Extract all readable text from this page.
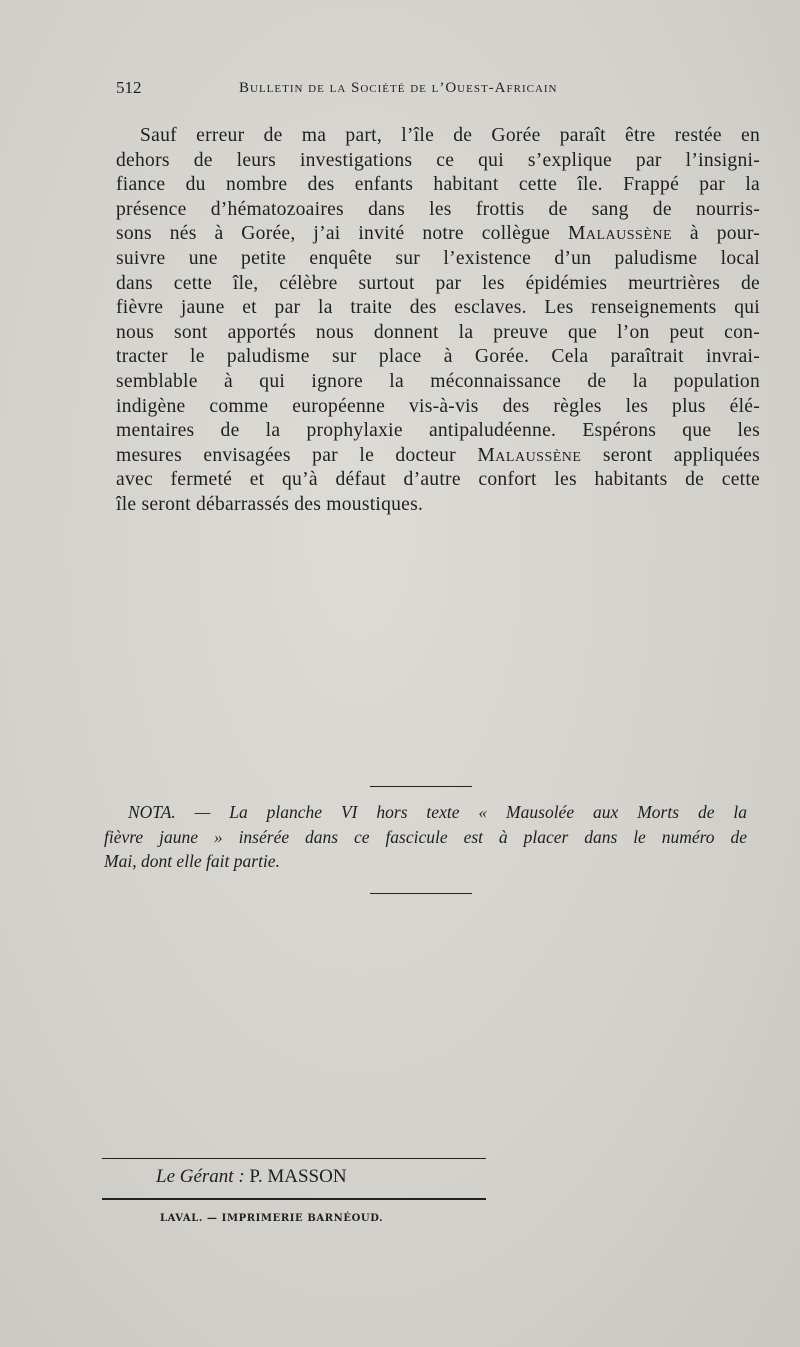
512	Bulletin de la Société de l’Ouest-Africain
Sauf erreur de ma part, l’île de Gorée paraît être restée en
dehors de leurs investigations ce qui s’explique par l’insigni-
fiance du nombre des enfants habitant cette île. Frappé par la
présence d’hématozoaires dans les frottis de sang de nourris-
sons nés à Gorée, j’ai invité notre collègue Malaussène à pour-
suivre une petite enquête sur l’existence d’un paludisme local
dans cette île, célèbre surtout par les épidémies meurtrières de
fièvre jaune et par la traite des esclaves. Les renseignements qui
nous sont apportés nous donnent la preuve que l’on peut con-
tracter le paludisme sur place à Gorée. Cela paraîtrait invrai-
semblable à qui ignore la méconnaissance de la population
indigène comme européenne vis-à-vis des règles les plus élé-
mentaires de la prophylaxie antipaludéenne. Espérons que les
mesures envisagées par le docteur Malaussène seront appliquées
avec fermeté et qu’à défaut d’autre confort les habitants de cette
île seront débarrassés des moustiques.
NOTA. — La planche VI hors texte « Mausolée aux Morts de la
fièvre jaune » insérée dans ce fascicule est à placer dans le numéro de
Mai, dont elle fait partie.
Le Gérant : P. MASSON
LAVAL. — IMPRIMERIE BARNÉOUD.
